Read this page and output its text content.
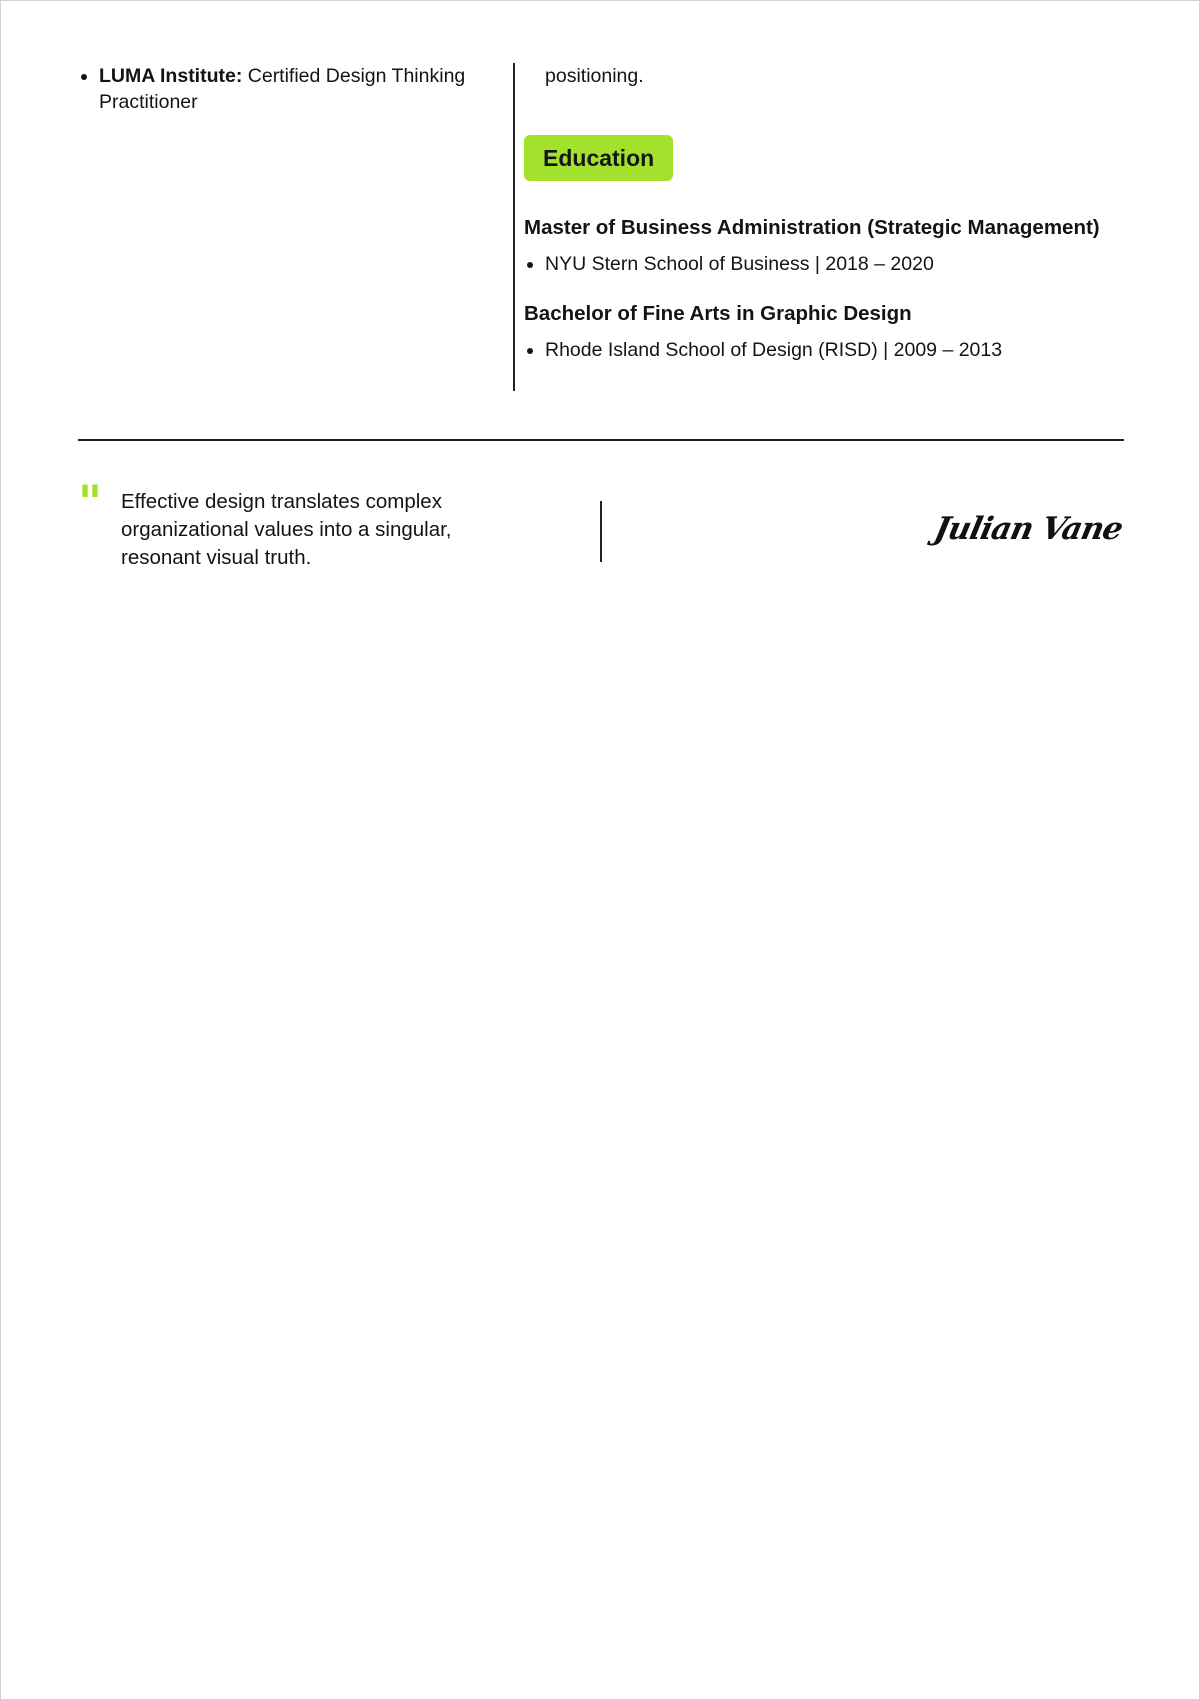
• LUMA Institute: Certified Design Thinking Practitioner

positioning.

Education

Master of Business Administration (Strategic Management)

• NYU Stern School of Business | 2018 – 2020

Bachelor of Fine Arts in Graphic Design

• Rhode Island School of Design (RISD) | 2009 – 2013
" Effective design translates complex organizational values into a singular, resonant visual truth.

Julian Vane
